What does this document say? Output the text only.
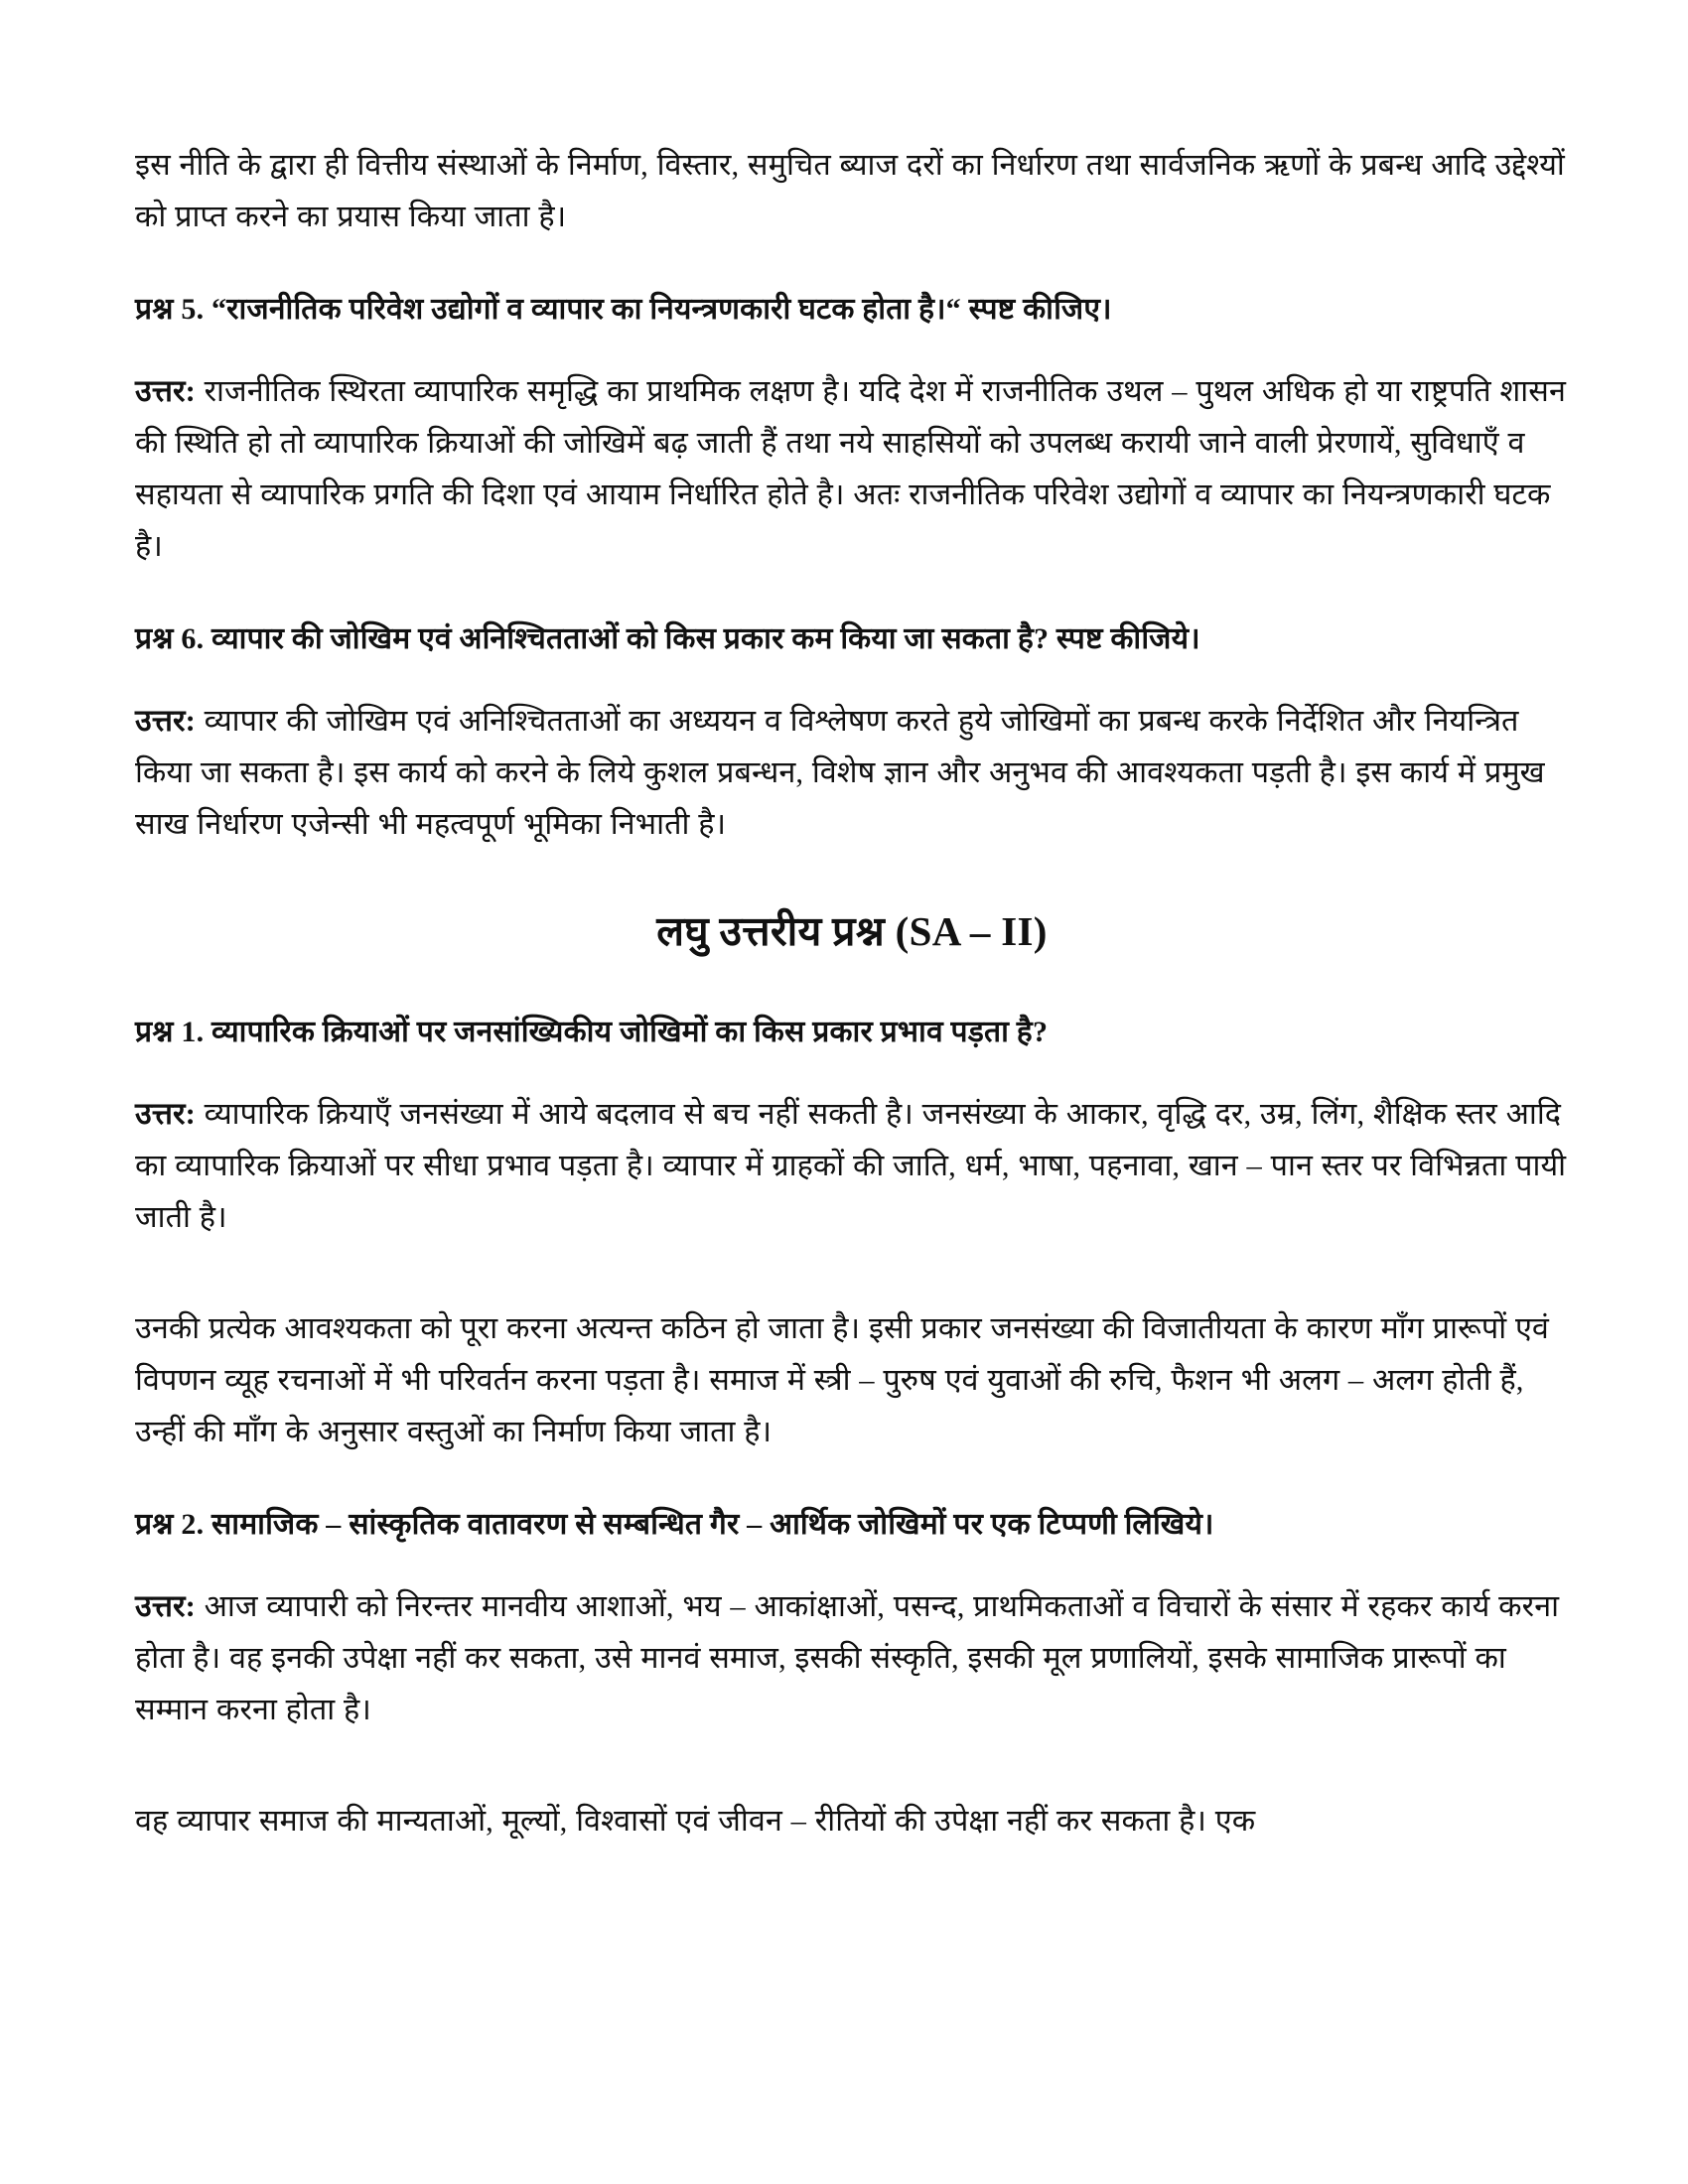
इस नीति के द्वारा ही वित्तीय संस्थाओं के निर्माण, विस्तार, समुचित ब्याज दरों का निर्धारण तथा सार्वजनिक ऋणों के प्रबन्ध आदि उद्देश्यों को प्राप्त करने का प्रयास किया जाता है।

प्रश्न 5. “राजनीतिक परिवेश उद्योगों व व्यापार का नियन्त्रणकारी घटक होता है।“ स्पष्ट कीजिए।

उत्तर: राजनीतिक स्थिरता व्यापारिक समृद्धि का प्राथमिक लक्षण है। यदि देश में राजनीतिक उथल – पुथल अधिक हो या राष्ट्रपति शासन की स्थिति हो तो व्यापारिक क्रियाओं की जोखिमें बढ़ जाती हैं तथा नये साहसियों को उपलब्ध करायी जाने वाली प्रेरणायें, सुविधाएँ व सहायता से व्यापारिक प्रगति की दिशा एवं आयाम निर्धारित होते है। अतः राजनीतिक परिवेश उद्योगों व व्यापार का नियन्त्रणकारी घटक है।

प्रश्न 6. व्यापार की जोखिम एवं अनिश्चितताओं को किस प्रकार कम किया जा सकता है? स्पष्ट कीजिये।

उत्तर: व्यापार की जोखिम एवं अनिश्चितताओं का अध्ययन व विश्लेषण करते हुये जोखिमों का प्रबन्ध करके निर्देशित और नियन्त्रित किया जा सकता है। इस कार्य को करने के लिये कुशल प्रबन्धन, विशेष ज्ञान और अनुभव की आवश्यकता पड़ती है। इस कार्य में प्रमुख साख निर्धारण एजेन्सी भी महत्वपूर्ण भूमिका निभाती है।

लघु उत्तरीय प्रश्न (SA – II)

प्रश्न 1. व्यापारिक क्रियाओं पर जनसांख्यिकीय जोखिमों का किस प्रकार प्रभाव पड़ता है?

उत्तर: व्यापारिक क्रियाएँ जनसंख्या में आये बदलाव से बच नहीं सकती है। जनसंख्या के आकार, वृद्धि दर, उम्र, लिंग, शैक्षिक स्तर आदि का व्यापारिक क्रियाओं पर सीधा प्रभाव पड़ता है। व्यापार में ग्राहकों की जाति, धर्म, भाषा, पहनावा, खान – पान स्तर पर विभिन्नता पायी जाती है।

उनकी प्रत्येक आवश्यकता को पूरा करना अत्यन्त कठिन हो जाता है। इसी प्रकार जनसंख्या की विजातीयता के कारण माँग प्रारूपों एवं विपणन व्यूह रचनाओं में भी परिवर्तन करना पड़ता है। समाज में स्त्री – पुरुष एवं युवाओं की रुचि, फैशन भी अलग – अलग होती हैं, उन्हीं की माँग के अनुसार वस्तुओं का निर्माण किया जाता है।

प्रश्न 2. सामाजिक – सांस्कृतिक वातावरण से सम्बन्धित गैर – आर्थिक जोखिमों पर एक टिप्पणी लिखिये।

उत्तर: आज व्यापारी को निरन्तर मानवीय आशाओं, भय – आकांक्षाओं, पसन्द, प्राथमिकताओं व विचारों के संसार में रहकर कार्य करना होता है। वह इनकी उपेक्षा नहीं कर सकता, उसे मानवं समाज, इसकी संस्कृति, इसकी मूल प्रणालियों, इसके सामाजिक प्रारूपों का सम्मान करना होता है।

वह व्यापार समाज की मान्यताओं, मूल्यों, विश्वासों एवं जीवन – रीतियों की उपेक्षा नहीं कर सकता है। एक
